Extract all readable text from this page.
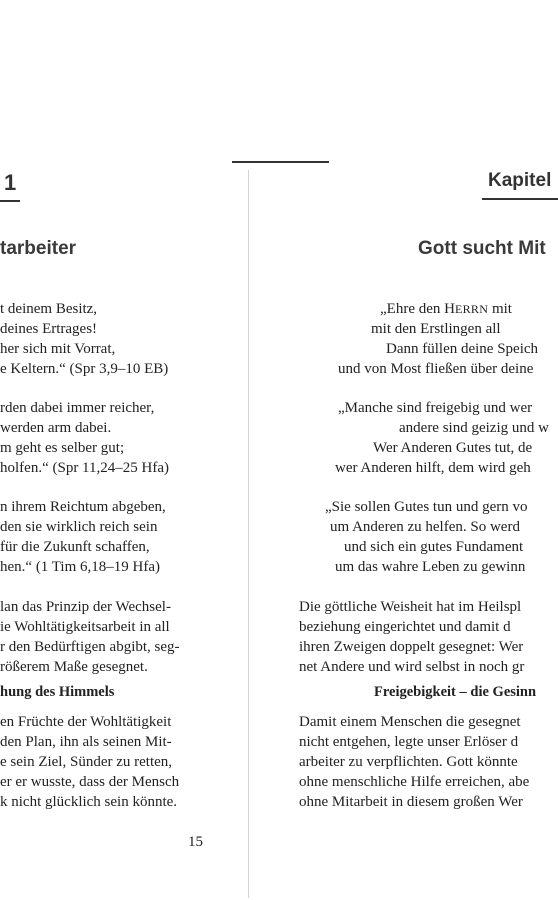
1
tarbeiter
t deinem Besitz,
deines Ertrages!
her sich mit Vorrat,
e Keltern.“ (Spr 3,9–10 EB)
rden dabei immer reicher,
werden arm dabei.
m geht es selber gut;
holfen.“ (Spr 11,24–25 Hfa)
n ihrem Reichtum abgeben,
den sie wirklich reich sein
für die Zukunft schaffen,
hen.“ (1 Tim 6,18–19 Hfa)
lan das Prinzip der Wechsel-
ie Wohltätigkeitsarbeit in all
r den Bedürftigen abgibt, seg-
rößerem Maße gesegnet.
hung des Himmels
en Früchte der Wohltätigkeit
den Plan, ihn als seinen Mit-
e sein Ziel, Sünder zu retten,
er er wusste, dass der Mensch
k nicht glücklich sein könnte.
15
Kapitel
Gott sucht Mit
„Ehre den HERRN mit
mit den Erstlingen all
Dann füllen deine Speich
und von Most fließen über deine
„Manche sind freigebig und wer
andere sind geizig und w
Wer Anderen Gutes tut, de
wer Anderen hilft, dem wird geh
„Sie sollen Gutes tun und gern vo
um Anderen zu helfen. So werd
und sich ein gutes Fundament
um das wahre Leben zu gewinn
Die göttliche Weisheit hat im Heilspl
beziehung eingerichtet und damit d
ihren Zweigen doppelt gesegnet: Wer
net Andere und wird selbst in noch gr
Freigebigkeit – die Gesinn
Damit einem Menschen die gesegnet
nicht entgehen, legte unser Erlöser d
arbeiter zu verpflichten. Gott könnte
ohne menschliche Hilfe erreichen, abe
ohne Mitarbeit in diesem großen Wer
